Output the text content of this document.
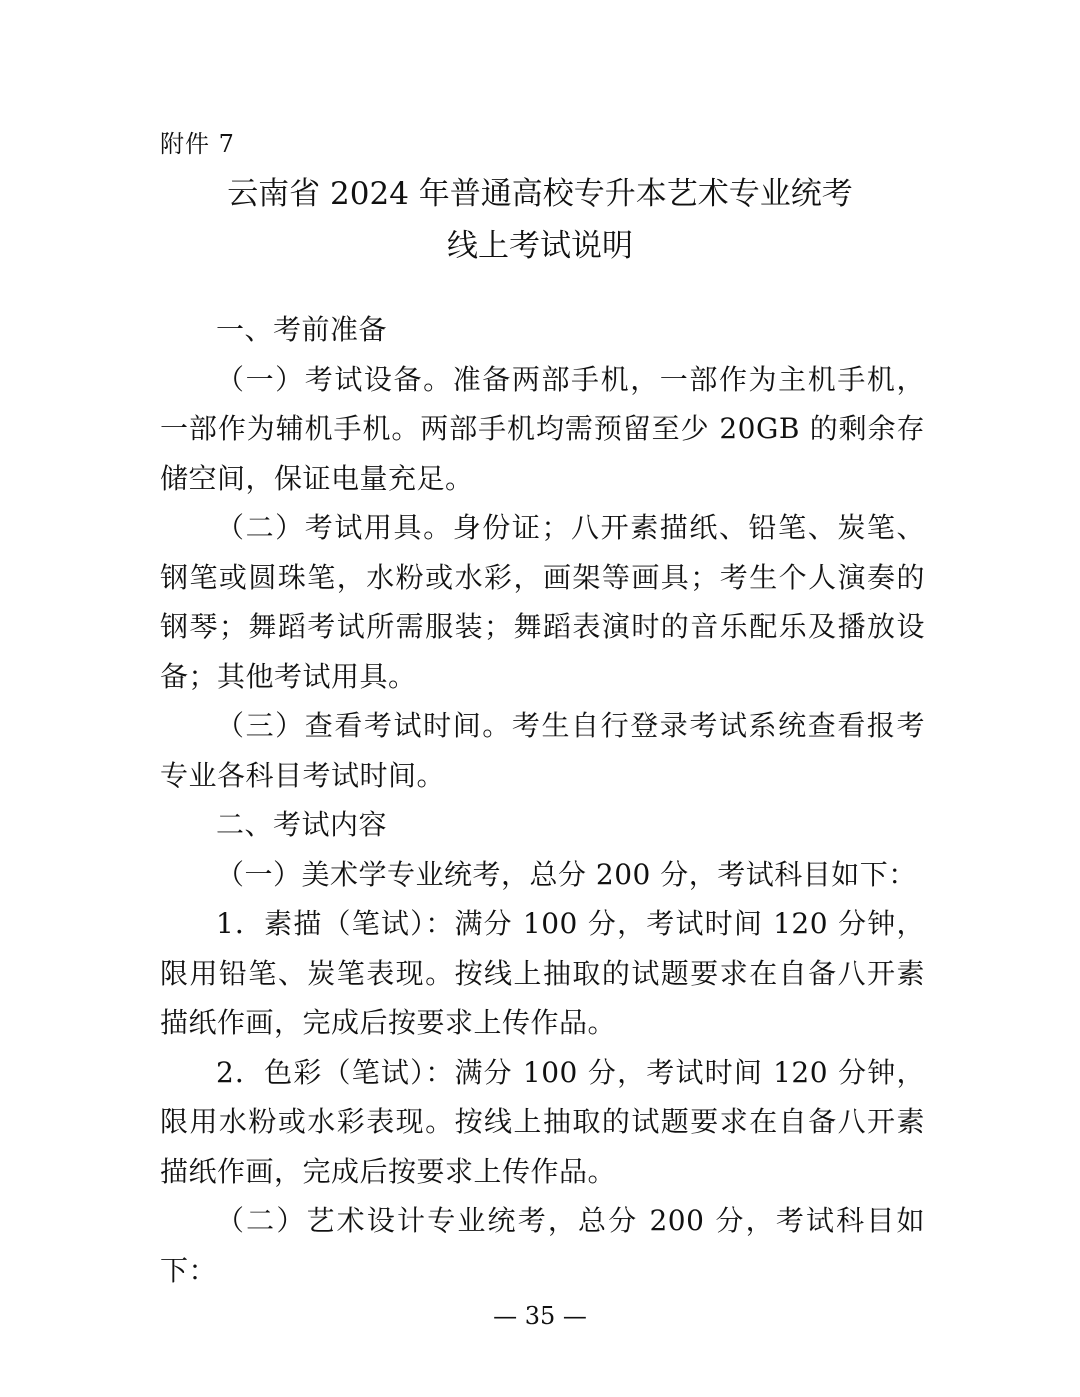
附件 7
云南省 2024 年普通高校专升本艺术专业统考
线上考试说明

一、考前准备

（一）考试设备。准备两部手机，一部作为主机手机，一部作为辅机手机。两部手机均需预留至少 20GB 的剩余存储空间，保证电量充足。

（二）考试用具。身份证；八开素描纸、铅笔、炭笔、钢笔或圆珠笔，水粉或水彩，画架等画具；考生个人演奏的钢琴；舞蹈考试所需服装；舞蹈表演时的音乐配乐及播放设备；其他考试用具。

（三）查看考试时间。考生自行登录考试系统查看报考专业各科目考试时间。

二、考试内容

（一）美术学专业统考，总分 200 分，考试科目如下：

1．素描（笔试）：满分 100 分，考试时间 120 分钟，限用铅笔、炭笔表现。按线上抽取的试题要求在自备八开素描纸作画，完成后按要求上传作品。

2．色彩（笔试）：满分 100 分，考试时间 120 分钟，限用水粉或水彩表现。按线上抽取的试题要求在自备八开素描纸作画，完成后按要求上传作品。

（二）艺术设计专业统考，总分 200 分，考试科目如下：

— 35 —
